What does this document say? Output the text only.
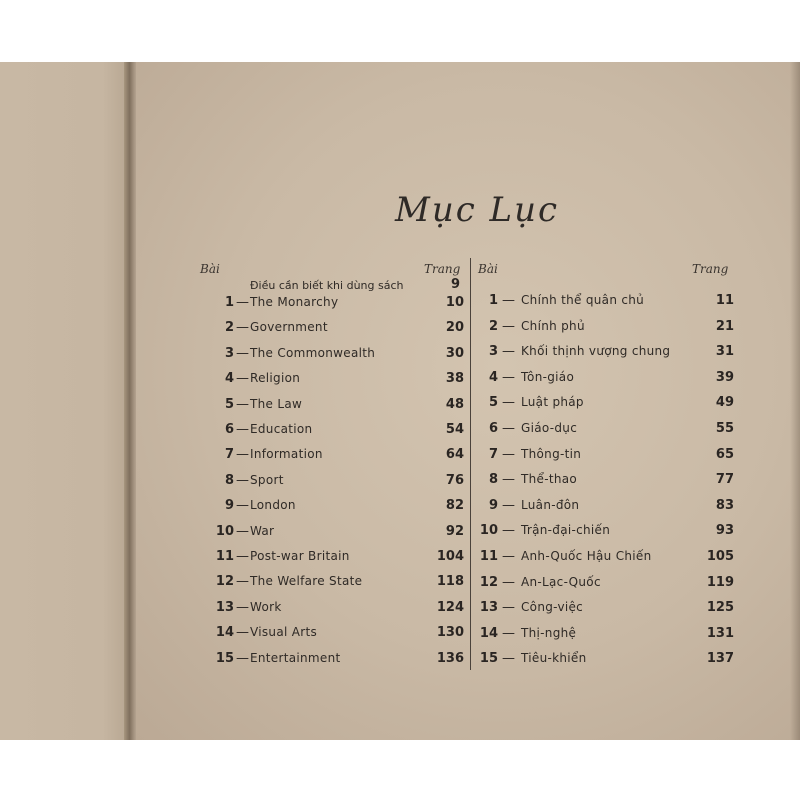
Mục Lục
Bài	Trang Bài	Trang
Điều cần biết khi dùng sách	9
1 — The Monarchy	10
2 — Government	20
3 — The Commonwealth	30
4 — Religion	38
5 — The Law	48
6 — Education	54
7 — Information	64
8 — Sport	76
9 — London	82
10 — War	92
11 — Post-war Britain	104
12 — The Welfare State	118
13 — Work	124
14 — Visual Arts	130
15 — Entertainment	136
1 — Chính thể quân chủ	11
2 — Chính phủ	21
3 — Khối thịnh vượng chung	31
4 — Tôn-giáo	39
5 — Luật pháp	49
6 — Giáo-dục	55
7 — Thông-tin	65
8 — Thể-thao	77
9 — Luân-đôn	83
10 — Trận-đại-chiến	93
11 — Anh-Quốc Hậu Chiến	105
12 — An-Lạc-Quốc	119
13 — Công-việc	125
14 — Thị-nghệ	131
15 — Tiêu-khiển	137
